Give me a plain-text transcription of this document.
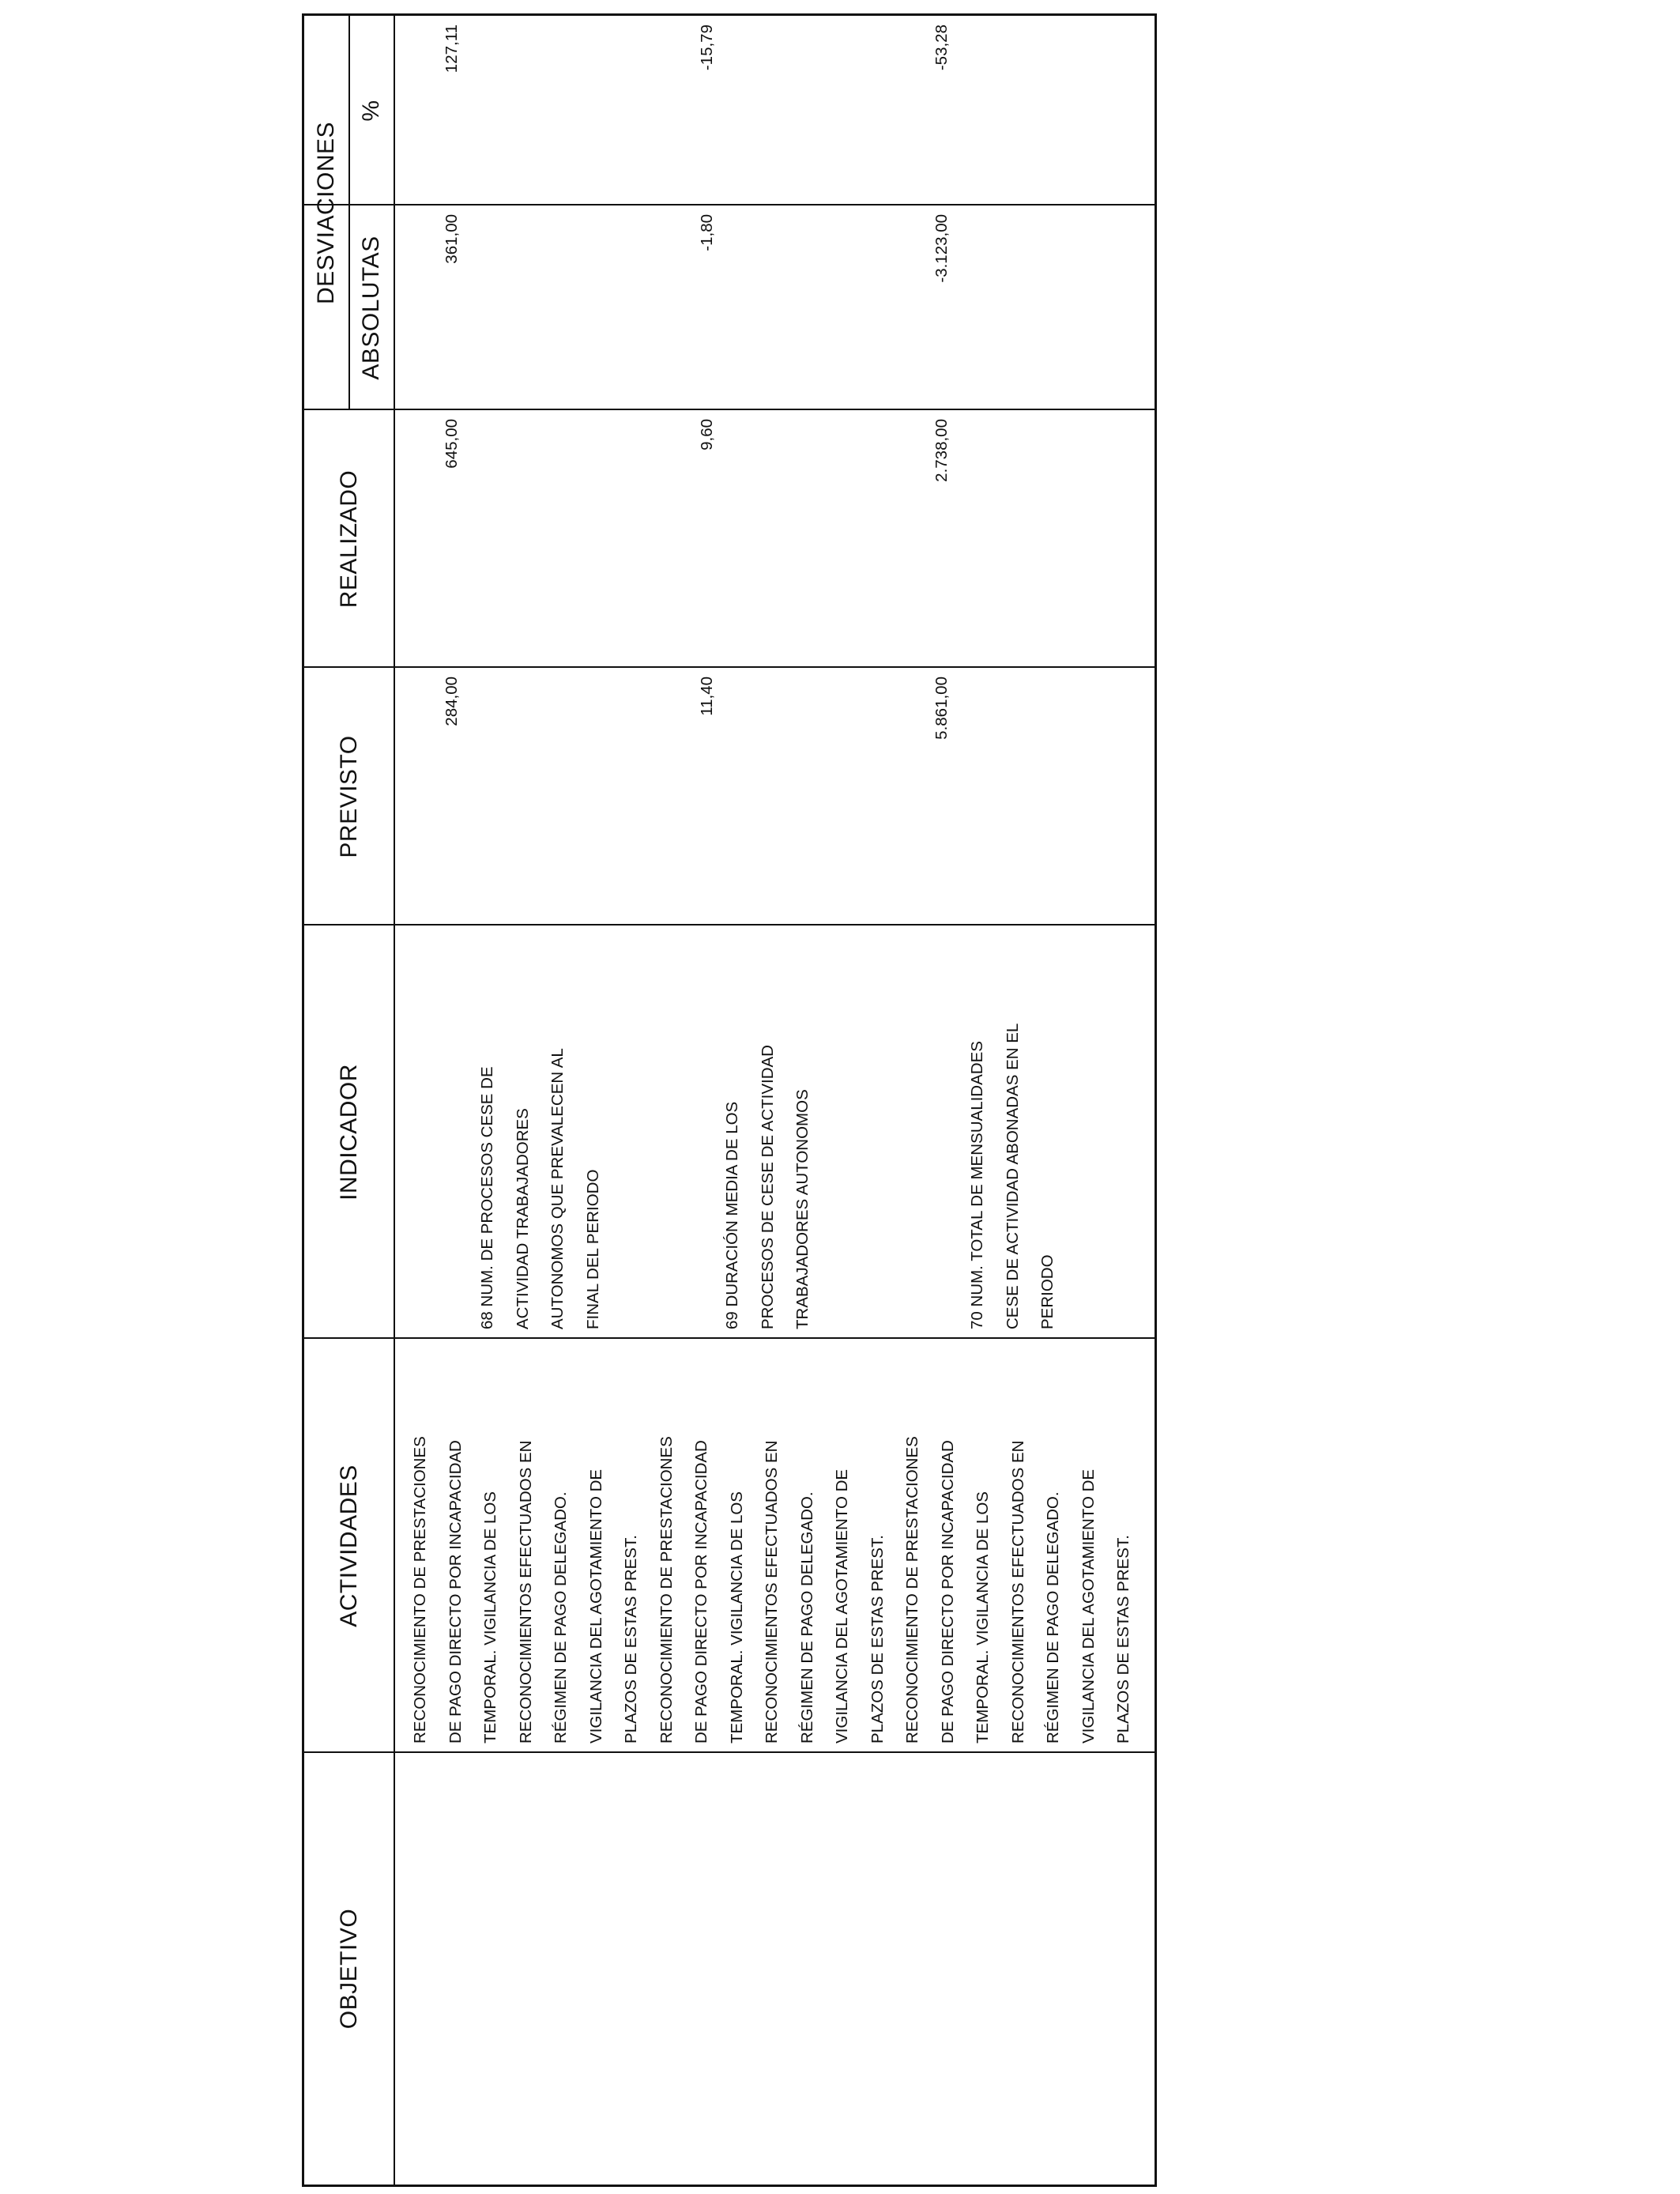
OBJETIVO
ACTIVIDADES
INDICADOR
PREVISTO
REALIZADO
DESVIACIONES
ABSOLUTAS
%
RECONOCIMIENTO DE PRESTACIONES
DE PAGO DIRECTO POR INCAPACIDAD
TEMPORAL. VIGILANCIA DE LOS
RECONOCIMIENTOS EFECTUADOS EN
RÉGIMEN DE PAGO DELEGADO.
VIGILANCIA DEL AGOTAMIENTO DE
PLAZOS DE ESTAS PREST.
RECONOCIMIENTO DE PRESTACIONES
DE PAGO DIRECTO POR INCAPACIDAD
TEMPORAL. VIGILANCIA DE LOS
RECONOCIMIENTOS EFECTUADOS EN
RÉGIMEN DE PAGO DELEGADO.
VIGILANCIA DEL AGOTAMIENTO DE
PLAZOS DE ESTAS PREST.
RECONOCIMIENTO DE PRESTACIONES
DE PAGO DIRECTO POR INCAPACIDAD
TEMPORAL. VIGILANCIA DE LOS
RECONOCIMIENTOS EFECTUADOS EN
RÉGIMEN DE PAGO DELEGADO.
VIGILANCIA DEL AGOTAMIENTO DE
PLAZOS DE ESTAS PREST.
68 NUM. DE PROCESOS CESE DE
ACTIVIDAD TRABAJADORES
AUTONOMOS QUE PREVALECEN AL
FINAL DEL PERIODO
284,00
645,00
361,00
127,11
69 DURACIÓN MEDIA DE LOS
PROCESOS DE CESE DE ACTIVIDAD
TRABAJADORES AUTONOMOS
11,40
9,60
-1,80
-15,79
70 NUM. TOTAL DE MENSUALIDADES
CESE DE ACTIVIDAD ABONADAS EN EL
PERIODO
5.861,00
2.738,00
-3.123,00
-53,28
